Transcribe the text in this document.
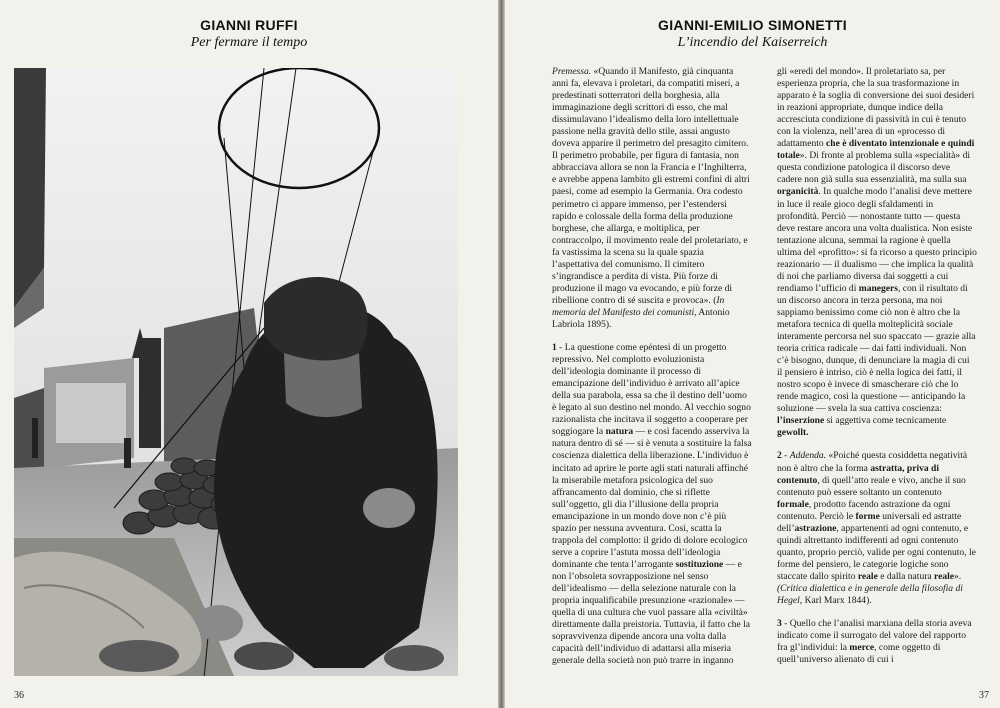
GIANNI RUFFI
Per fermare il tempo
36
GIANNI-EMILIO SIMONETTI
L’incendio del Kaiserreich

Premessa. «Quando il Manifesto, già cinquanta anni fa, elevava i proletari, da compatiti miseri, a predestinati sotterratori della borghesia, alla immaginazione degli scrittori di esso, che mal dissimulavano l’idealismo della loro intellettuale passione nella gravità dello stile, assai angusto doveva apparire il perimetro del presagito cimitero. Il perimetro probabile, per figura di fantasia, non abbracciava allora se non la Francia e l’Inghilterra, e avrebbe appena lambito gli estremi confini di altri paesi, come ad esempio la Germania. Ora codesto perimetro ci appare immenso, per l’estendersi rapido e colossale della forma della produzione borghese, che allarga, e moltiplica, per contraccolpo, il movimento reale del proletariato, e fa vastissima la scena su la quale spazia l’aspettativa del comunismo. Il cimitero s’ingrandisce a perdita di vista. Più forze di produzione il mago va evocando, e più forze di ribellione contro di sé suscita e provoca». (In memoria del Manifesto dei comunisti, Antonio Labriola 1895).

1 - La questione come epéntesi di un progetto repressivo. Nel complotto evoluzionista dell’ideologia dominante il processo di emancipazione dell’individuo è arrivato all’apice della sua parabola, essa sa che il destino dell’uomo è legato al suo destino nel mondo. Al vecchio sogno razionalista che incitava il soggetto a cooperare per soggiogare la natura — e così facendo asserviva la natura dentro di sé — si è venuta a sostituire la falsa coscienza dialettica della liberazione. L’individuo è incitato ad aprire le porte agli stati naturali affinché la miserabile metafora psicologica del suo affrancamento dal dominio, che si riflette sull’oggetto, gli dia l’illusione della propria emancipazione in un mondo dove non c’è più spazio per nessuna avventura. Così, scatta la trappola del complotto: il grido di dolore ecologico serve a coprire l’astuta mossa dell’ideologia dominante che tenta l’arrogante sostituzione — e non l’obsoleta sovrapposizione nel senso dell’idealismo — della selezione naturale con la propria inqualificabile presunzione «razionale» — quella di una cultura che vuol passare alla «civiltà» direttamente dalla preistoria. Tuttavia, il fatto che la sopravvivenza dipende ancora una volta dalla capacità dell’individuo di adattarsi alla miseria generale della società non può trarre in inganno

gli «eredi del mondo». Il proletariato sa, per esperienza propria, che la sua trasformazione in apparato è la soglia di conversione dei suoi desideri in reazioni appropriate, dunque indice della accresciuta condizione di passività in cui è tenuto con la violenza, nell’area di un «processo di adattamento che è diventato intenzionale e quindi totale». Di fronte al problema sulla «specialità» di questa condizione patologica il discorso deve cadere non già sulla sua essenzialità, ma sulla sua organicità. In qualche modo l’analisi deve mettere in luce il reale gioco degli sfaldamenti in profondità. Perciò — nonostante tutto — questa deve restare ancora una volta dualistica. Non esiste tentazione alcuna, semmai la ragione è quella ultima del «profitto»: si fa ricorso a questo principio reazionario — il dualismo — che implica la qualità di noi che parliamo diversa dai soggetti a cui rendiamo l’ufficio di manegers, con il risultato di un discorso ancora in terza persona, ma noi sappiamo benissimo come ciò non è altro che la metafora tecnica di quella molteplicità sociale interamente percorsa nel suo spaccato — grazie alla teoria critica radicale — dai fatti individuali. Non c’è bisogno, dunque, di denunciare la magia di cui il pensiero è intriso, ciò è nella logica dei fatti, il nostro scopo è invece di smascherare ciò che lo rende magico, così la questione — anticipando la soluzione — svela la sua cattiva coscienza: l’inserzione si aggettiva come tecnicamente gewollt.

2 - Addenda. «Poiché questa cosiddetta negatività non è altro che la forma astratta, priva di contenuto, di quell’atto reale e vivo, anche il suo contenuto può essere soltanto un contenuto formale, prodotto facendo astrazione da ogni contenuto. Perciò le forme universali ed astratte dell’astrazione, appartenenti ad ogni contenuto, e quindi altrettanto indifferenti ad ogni contenuto quanto, proprio perciò, valide per ogni contenuto, le forme del pensiero, le categorie logiche sono staccate dallo spirito reale e dalla natura reale». (Critica dialettica e in generale della filosofia di Hegel, Karl Marx 1844).

3 - Quello che l’analisi marxiana della storia aveva indicato come il surrogato del valore del rapporto fra gl’individui: la merce, come oggetto di quell’universo alienato di cui i

37
